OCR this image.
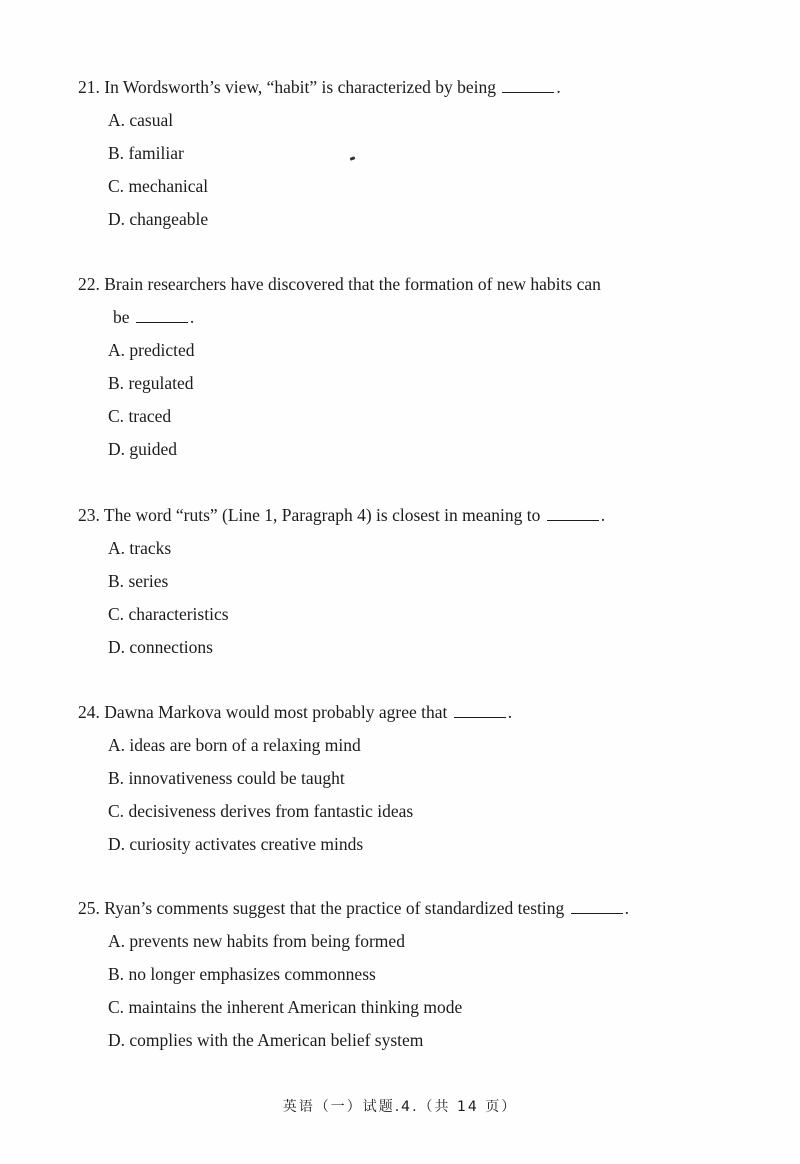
21. In Wordsworth’s view, “habit” is characterized by being	.

A. casual
B. familiar
C. mechanical
D. changeable

22. Brain researchers have discovered that the formation of new habits can

be	.

A. predicted
B. regulated
C. traced
D. guided

23. The word “ruts” (Line 1, Paragraph 4) is closest in meaning to	.

A. tracks
B. series
C. characteristics
D. connections

24. Dawna Markova would most probably agree that	.

A. ideas are born of a relaxing mind
B. innovativeness could be taught
C. decisiveness derives from fantastic ideas
D. curiosity activates creative minds

25. Ryan’s comments suggest that the practice of standardized testing	.

A. prevents new habits from being formed
B. no longer emphasizes commonness
C. maintains the inherent American thinking mode
D. complies with the American belief system
英语（一）试题.4.（共 14 页）
